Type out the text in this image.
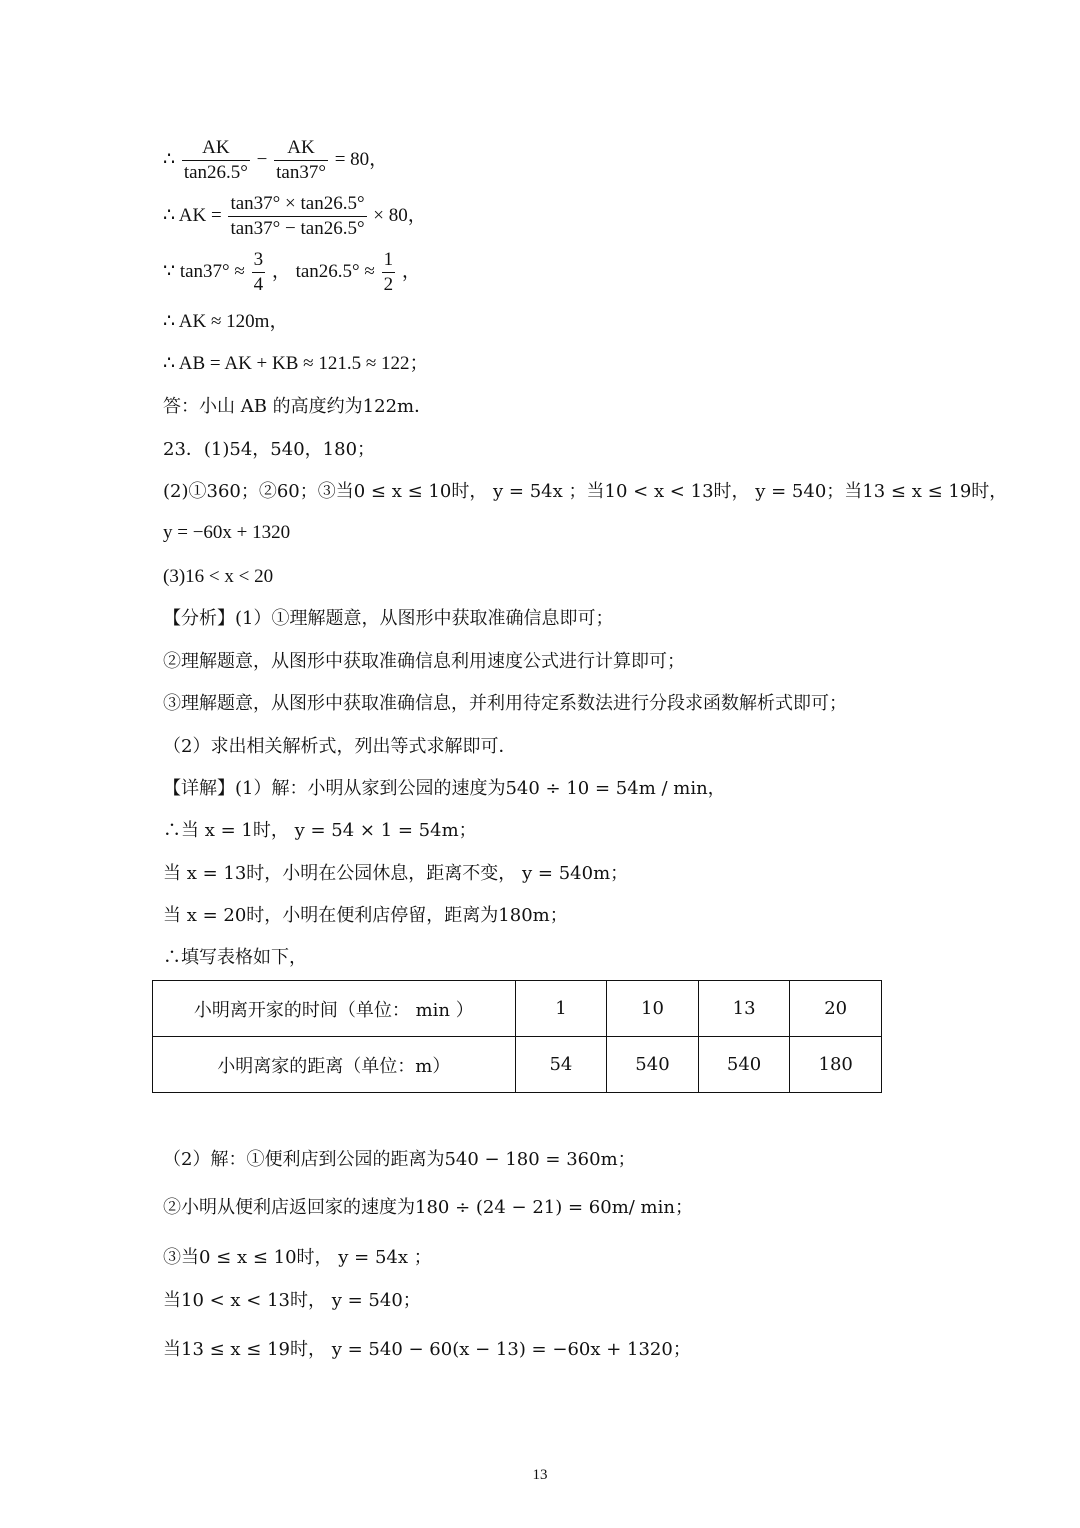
∴ $\frac{AK}{\tan 26.5^\circ} - \frac{AK}{\tan 37^\circ} = 80$，
∴ AK = $\frac{\tan 37^\circ \times \tan 26.5^\circ}{\tan 37^\circ - \tan 26.5^\circ} \times 80$，
∵ $\tan 37^\circ \approx \frac{3}{4}$ ， $\tan 26.5^\circ \approx \frac{1}{2}$ ，
∴ AK ≈ 120m，
∴ AB = AK + KB ≈ 121.5 ≈ 122；
答：小山 AB 的高度约为122m．
23．(1)54，540，180；
(2)①360；②60；③当0 ≤ x ≤ 10时， y = 54x ；当10 < x < 13时， y = 540；当13 ≤ x ≤ 19时，
y = −60x + 1320
(3)16 < x < 20
【分析】(1）①理解题意，从图形中获取准确信息即可；
②理解题意，从图形中获取准确信息利用速度公式进行计算即可；
③理解题意，从图形中获取准确信息，并利用待定系数法进行分段求函数解析式即可；
（2）求出相关解析式，列出等式求解即可．
【详解】(1）解：小明从家到公园的速度为540 ÷ 10 = 54m / min，
∴当 x = 1时， y = 54 × 1 = 54m；
当 x = 13时，小明在公园休息，距离不变， y = 540m；
当 x = 20时，小明在便利店停留，距离为180m；
∴填写表格如下，
小明离开家的时间（单位： min ）	1	10	13	20
小明离家的距离（单位：m）	54	540	540	180
（2）解：①便利店到公园的距离为540 − 180 = 360m；
②小明从便利店返回家的速度为180 ÷ (24 − 21) = 60m/ min；
③当0 ≤ x ≤ 10时， y = 54x ；
当10 < x < 13时， y = 540；
当13 ≤ x ≤ 19时， y = 540 − 60(x − 13) = −60x + 1320；
13
